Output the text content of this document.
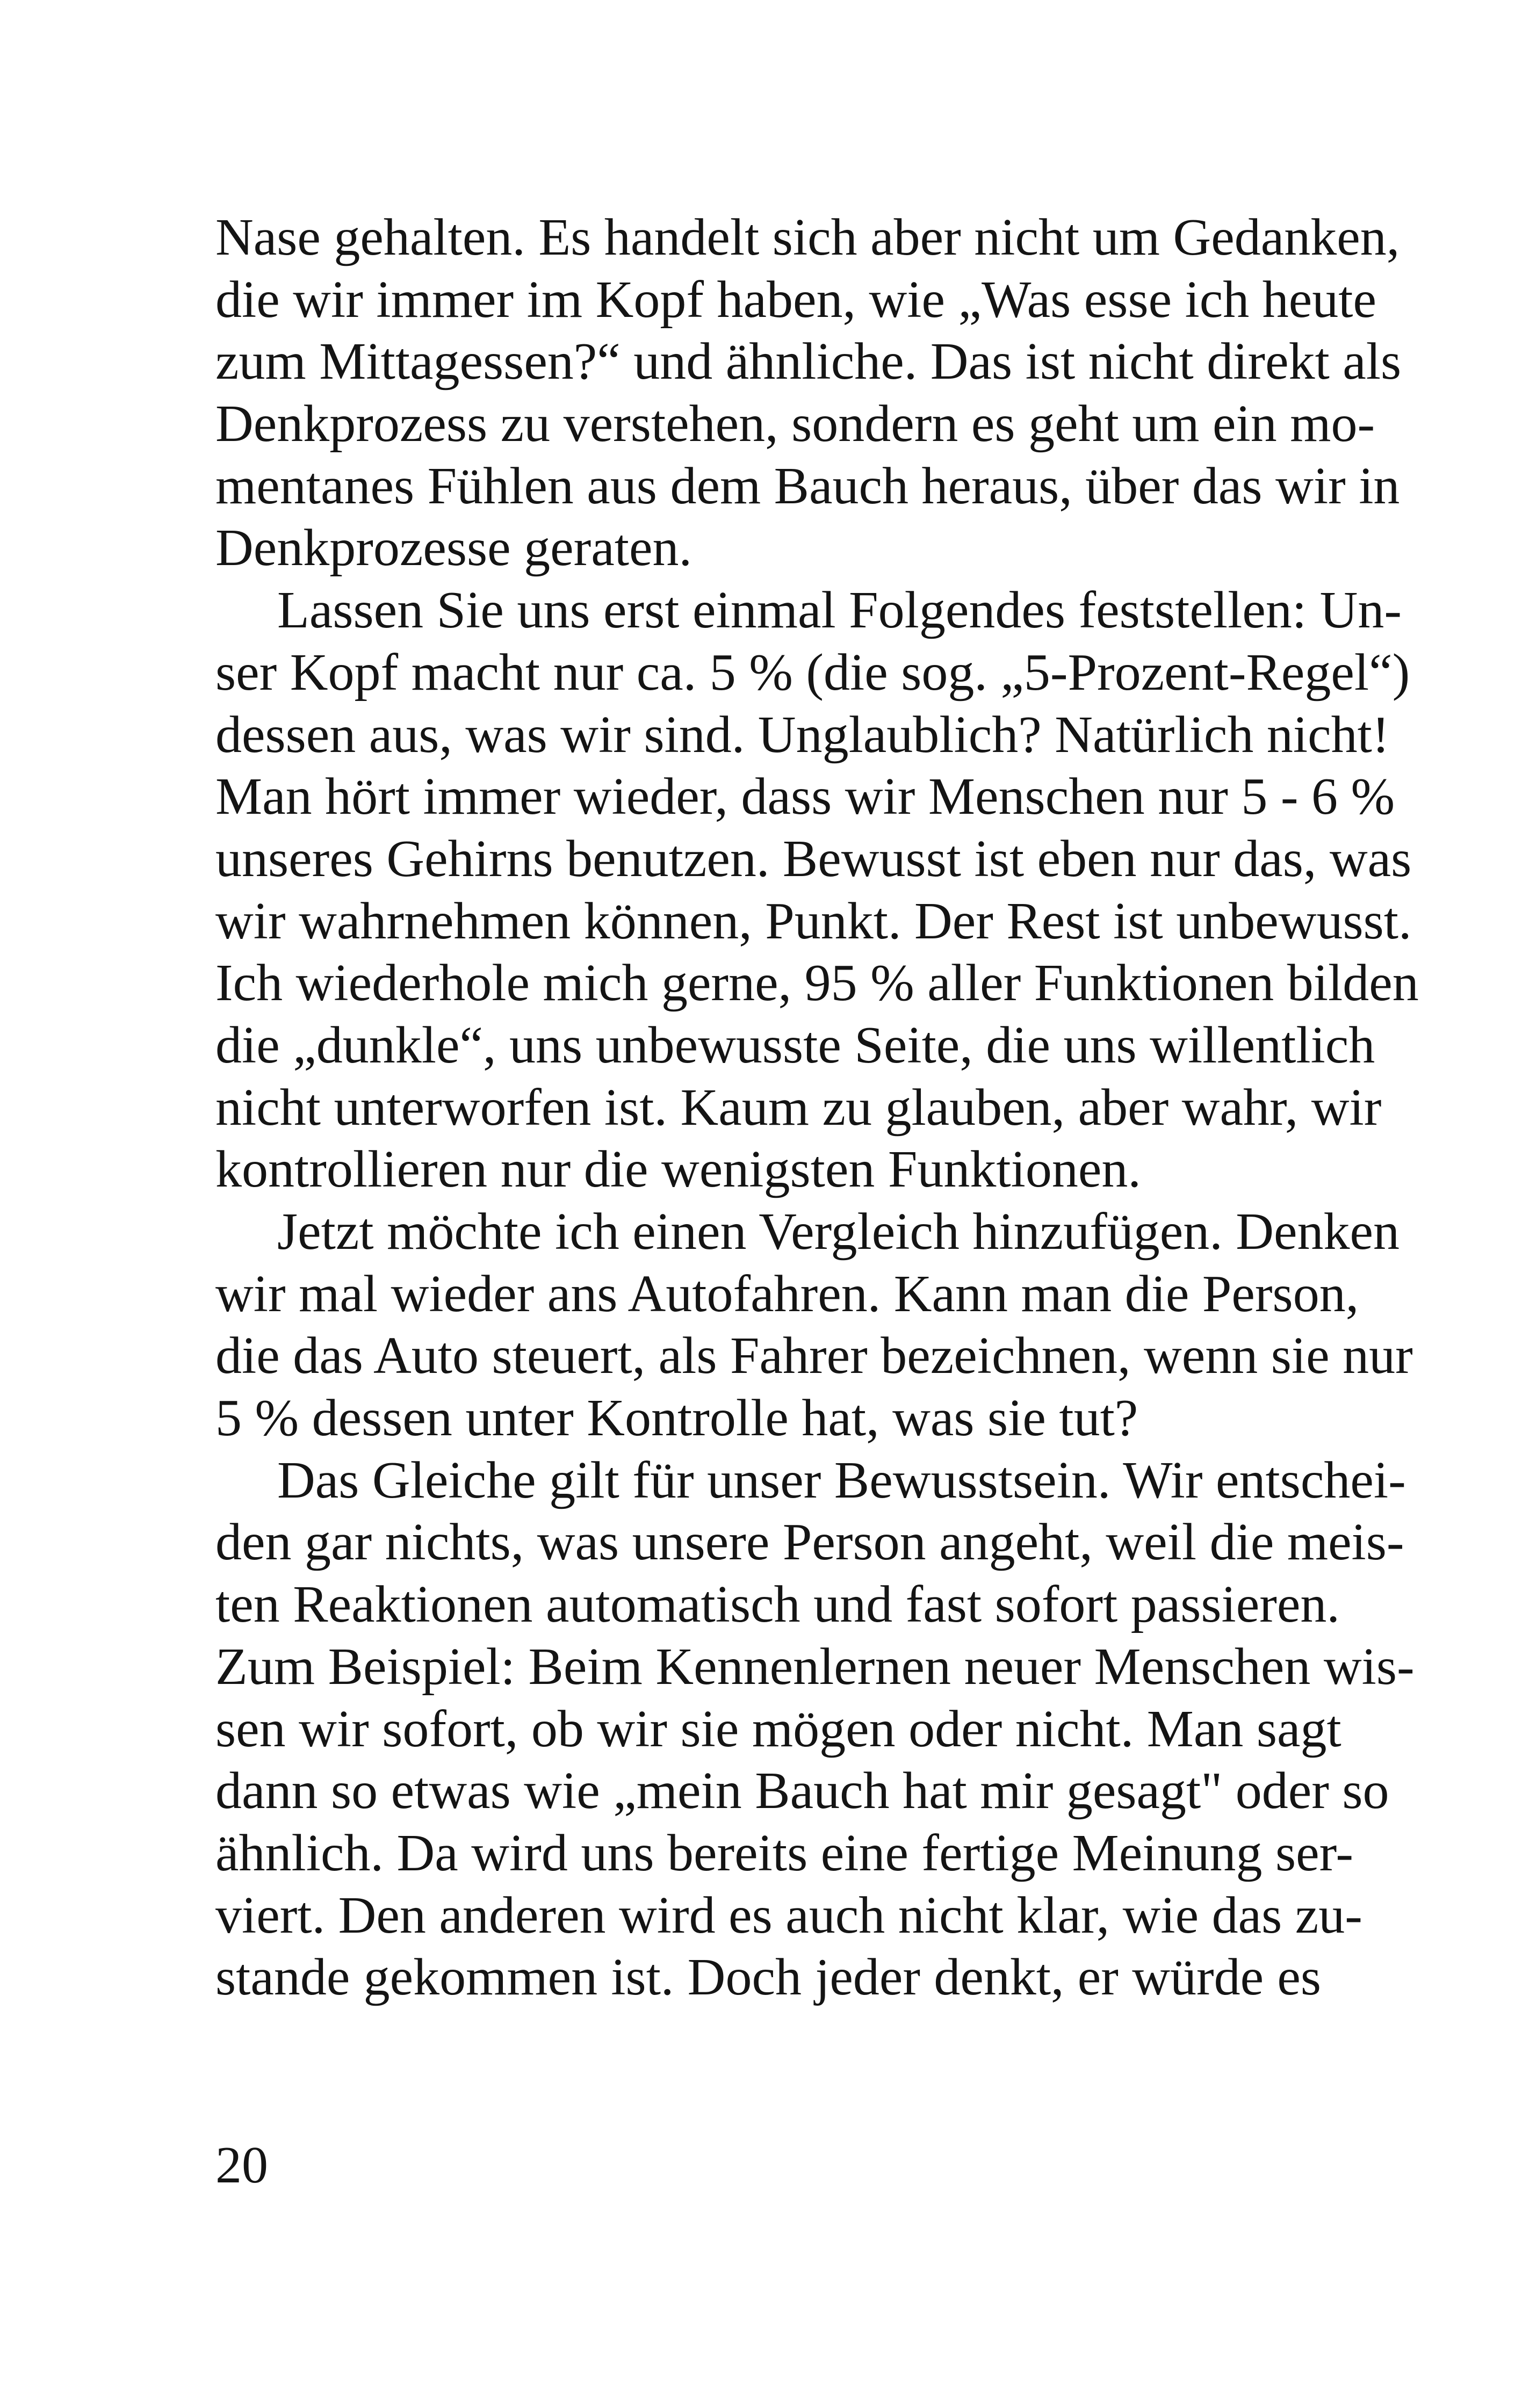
Nase gehalten. Es handelt sich aber nicht um Gedanken,
die wir immer im Kopf haben, wie „Was esse ich heute
zum Mittagessen?“ und ähnliche. Das ist nicht direkt als
Denkprozess zu verstehen, sondern es geht um ein mo-
mentanes Fühlen aus dem Bauch heraus, über das wir in
Denkprozesse geraten.
Lassen Sie uns erst einmal Folgendes feststellen: Un-
ser Kopf macht nur ca. 5 % (die sog. „5-Prozent-Regel“)
dessen aus, was wir sind. Unglaublich? Natürlich nicht!
Man hört immer wieder, dass wir Menschen nur 5 - 6 %
unseres Gehirns benutzen. Bewusst ist eben nur das, was
wir wahrnehmen können, Punkt. Der Rest ist unbewusst.
Ich wiederhole mich gerne, 95 % aller Funktionen bilden
die „dunkle“, uns unbewusste Seite, die uns willentlich
nicht unterworfen ist. Kaum zu glauben, aber wahr, wir
kontrollieren nur die wenigsten Funktionen.
Jetzt möchte ich einen Vergleich hinzufügen. Denken
wir mal wieder ans Autofahren. Kann man die Person,
die das Auto steuert, als Fahrer bezeichnen, wenn sie nur
5 % dessen unter Kontrolle hat, was sie tut?
Das Gleiche gilt für unser Bewusstsein. Wir entschei-
den gar nichts, was unsere Person angeht, weil die meis-
ten Reaktionen automatisch und fast sofort passieren.
Zum Beispiel: Beim Kennenlernen neuer Menschen wis-
sen wir sofort, ob wir sie mögen oder nicht. Man sagt
dann so etwas wie „mein Bauch hat mir gesagt" oder so
ähnlich. Da wird uns bereits eine fertige Meinung ser-
viert. Den anderen wird es auch nicht klar, wie das zu-
stande gekommen ist. Doch jeder denkt, er würde es
20
